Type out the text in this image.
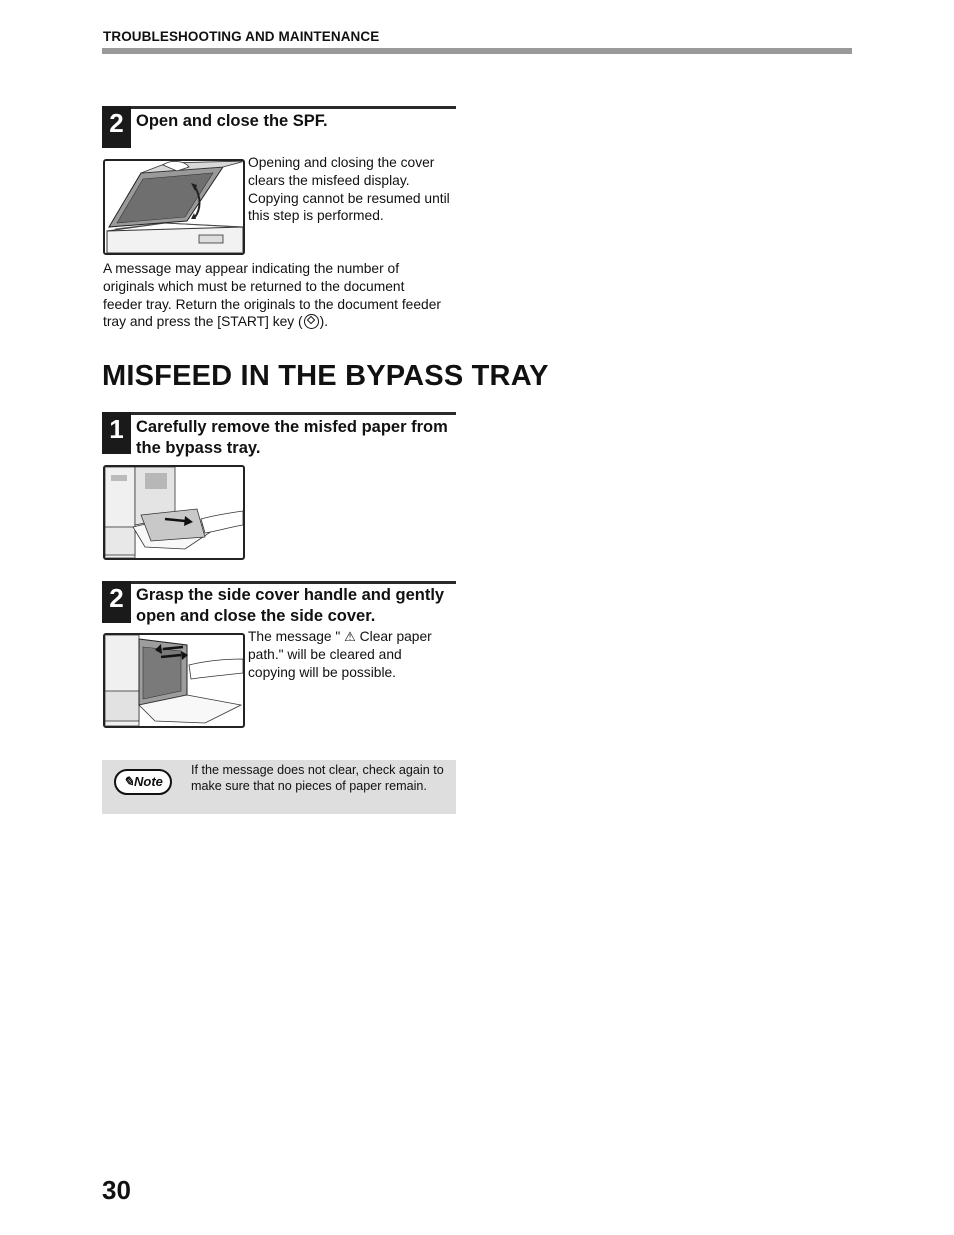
TROUBLESHOOTING AND MAINTENANCE
2 Open and close the SPF.
Opening and closing the cover clears the misfeed display. Copying cannot be resumed until this step is performed.
A message may appear indicating the number of originals which must be returned to the document feeder tray. Return the originals to the document feeder tray and press the [START] key ( ).
MISFEED IN THE BYPASS TRAY
1 Carefully remove the misfed paper from the bypass tray.
2 Grasp the side cover handle and gently open and close the side cover.
The message " ⚠ Clear paper path." will be cleared and copying will be possible.
✎Note
If the message does not clear, check again to make sure that no pieces of paper remain.
30
